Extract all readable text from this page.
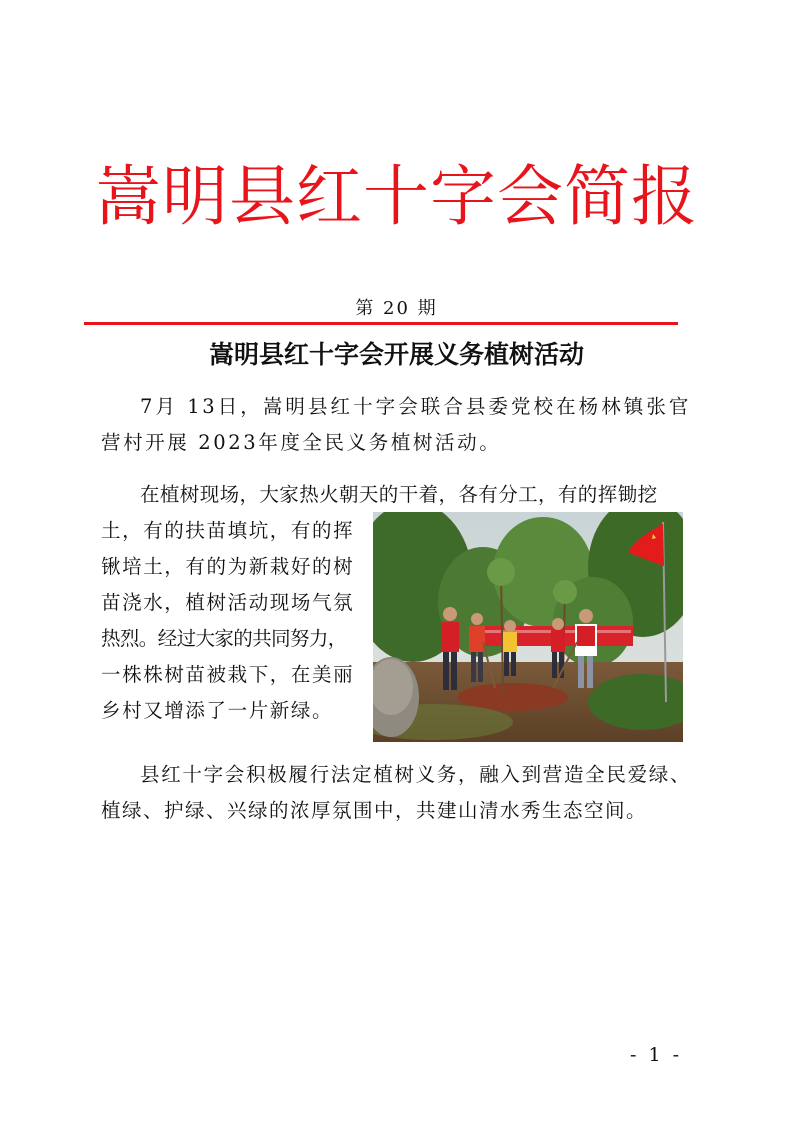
嵩明县红十字会简报
第 20 期
嵩明县红十字会开展义务植树活动

7月 13日，嵩明县红十字会联合县委党校在杨林镇张官营村开展 2023年度全民义务植树活动。

在植树现场，大家热火朝天的干着，各有分工，有的挥锄挖

土，有的扶苗填坑，有的挥
锹培土，有的为新栽好的树
苗浇水，植树活动现场气氛
热烈。经过大家的共同努力，
一株株树苗被栽下，在美丽
乡村又增添了一片新绿。

县红十字会积极履行法定植树义务，融入到营造全民爱绿、植绿、护绿、兴绿的浓厚氛围中，共建山清水秀生态空间。

- 1 -
